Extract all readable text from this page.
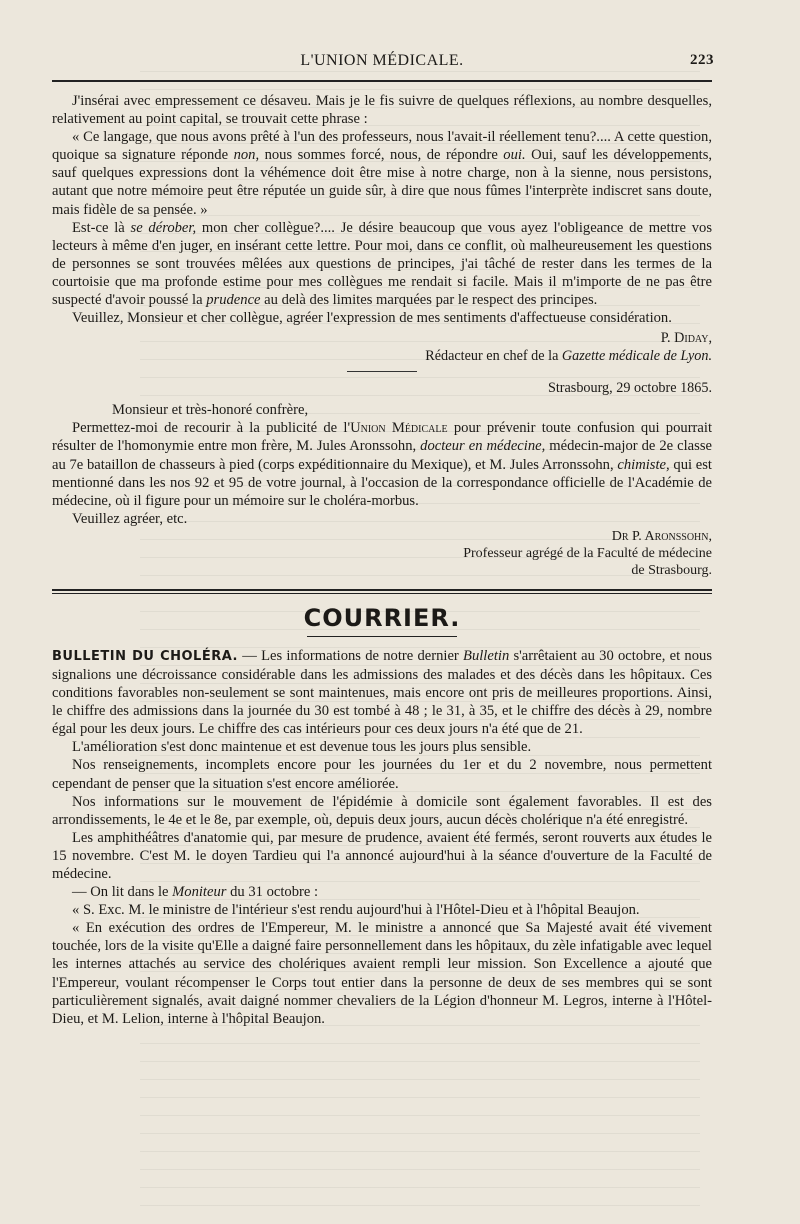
L'UNION MÉDICALE.	223

J'insérai avec empressement ce désaveu. Mais je le fis suivre de quelques réflexions, au nombre desquelles, relativement au point capital, se trouvait cette phrase :

« Ce langage, que nous avons prêté à l'un des professeurs, nous l'avait-il réellement tenu?.... A cette question, quoique sa signature réponde non, nous sommes forcé, nous, de répondre oui. Oui, sauf les développements, sauf quelques expressions dont la véhémence doit être mise à notre charge, non à la sienne, nous persistons, autant que notre mémoire peut être réputée un guide sûr, à dire que nous fûmes l'interprète indiscret sans doute, mais fidèle de sa pensée. »

Est-ce là se dérober, mon cher collègue?.... Je désire beaucoup que vous ayez l'obligeance de mettre vos lecteurs à même d'en juger, en insérant cette lettre. Pour moi, dans ce conflit, où malheureusement les questions de personnes se sont trouvées mêlées aux questions de principes, j'ai tâché de rester dans les termes de la courtoisie que ma profonde estime pour mes collègues me rendait si facile. Mais il m'importe de ne pas être suspecté d'avoir poussé la prudence au delà des limites marquées par le respect des principes.

Veuillez, Monsieur et cher collègue, agréer l'expression de mes sentiments d'affectueuse considération.

P. Diday,
Rédacteur en chef de la Gazette médicale de Lyon.
Strasbourg, 29 octobre 1865.

Monsieur et très-honoré confrère,

Permettez-moi de recourir à la publicité de l'Union Médicale pour prévenir toute confusion qui pourrait résulter de l'homonymie entre mon frère, M. Jules Aronssohn, docteur en médecine, médecin-major de 2e classe au 7e bataillon de chasseurs à pied (corps expéditionnaire du Mexique), et M. Jules Arronssohn, chimiste, qui est mentionné dans les nos 92 et 95 de votre journal, à l'occasion de la correspondance officielle de l'Académie de médecine, où il figure pour un mémoire sur le choléra-morbus.

Veuillez agréer, etc.

Dr P. Aronssohn,
Professeur agrégé de la Faculté de médecine
de Strasbourg.
COURRIER.

BULLETIN DU CHOLÉRA. — Les informations de notre dernier Bulletin s'arrêtaient au 30 octobre, et nous signalions une décroissance considérable dans les admissions des malades et des décès dans les hôpitaux. Ces conditions favorables non-seulement se sont maintenues, mais encore ont pris de meilleures proportions. Ainsi, le chiffre des admissions dans la journée du 30 est tombé à 48 ; le 31, à 35, et le chiffre des décès à 29, nombre égal pour les deux jours. Le chiffre des cas intérieurs pour ces deux jours n'a été que de 21.

L'amélioration s'est donc maintenue et est devenue tous les jours plus sensible.

Nos renseignements, incomplets encore pour les journées du 1er et du 2 novembre, nous permettent cependant de penser que la situation s'est encore améliorée.

Nos informations sur le mouvement de l'épidémie à domicile sont également favorables. Il est des arrondissements, le 4e et le 8e, par exemple, où, depuis deux jours, aucun décès cholérique n'a été enregistré.

Les amphithéâtres d'anatomie qui, par mesure de prudence, avaient été fermés, seront rouverts aux études le 15 novembre. C'est M. le doyen Tardieu qui l'a annoncé aujourd'hui à la séance d'ouverture de la Faculté de médecine.

— On lit dans le Moniteur du 31 octobre :

« S. Exc. M. le ministre de l'intérieur s'est rendu aujourd'hui à l'Hôtel-Dieu et à l'hôpital Beaujon.

« En exécution des ordres de l'Empereur, M. le ministre a annoncé que Sa Majesté avait été vivement touchée, lors de la visite qu'Elle a daigné faire personnellement dans les hôpitaux, du zèle infatigable avec lequel les internes attachés au service des cholériques avaient rempli leur mission. Son Excellence a ajouté que l'Empereur, voulant récompenser le Corps tout entier dans la personne de deux de ses membres qui se sont particulièrement signalés, avait daigné nommer chevaliers de la Légion d'honneur M. Legros, interne à l'Hôtel-Dieu, et M. Lelion, interne à l'hôpital Beaujon.
